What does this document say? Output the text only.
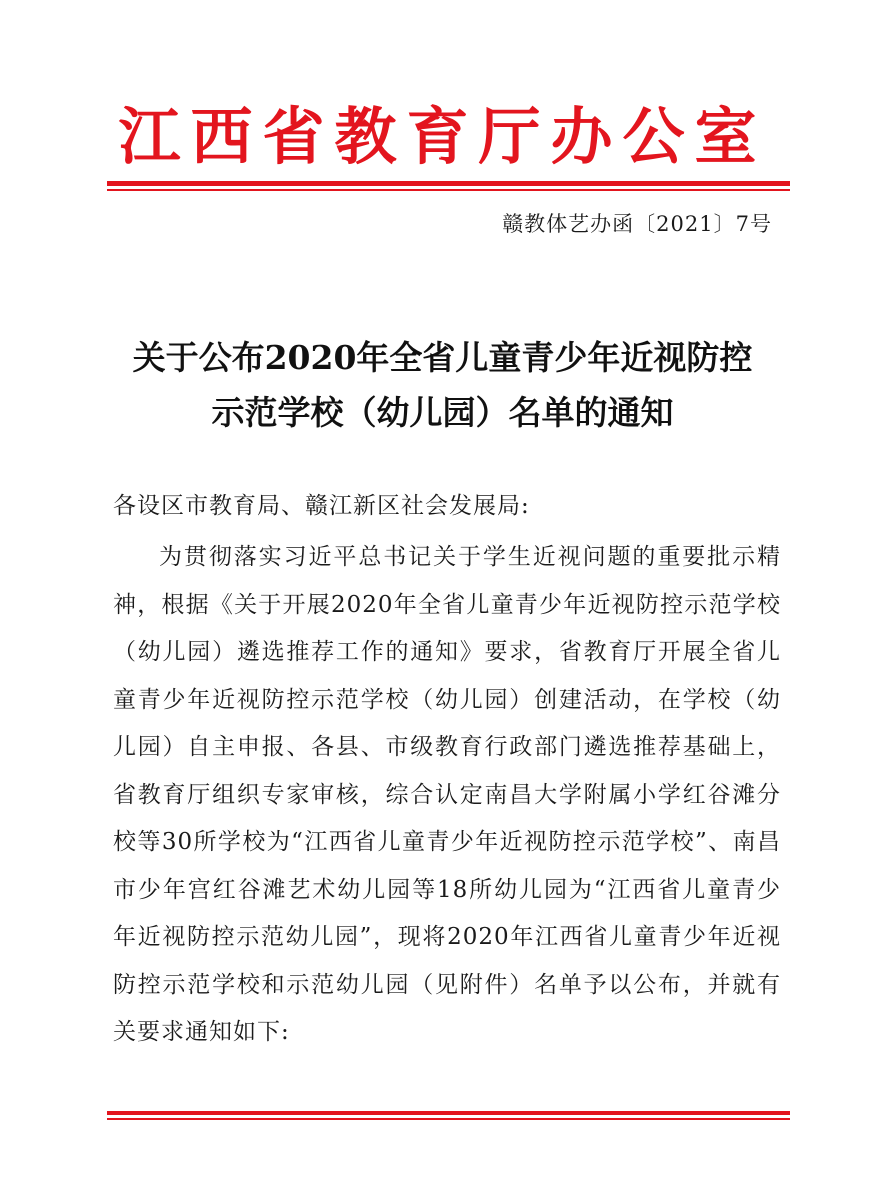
江西省教育厅办公室
赣教体艺办函〔2021〕7号
关于公布2020年全省儿童青少年近视防控
示范学校（幼儿园）名单的通知
各设区市教育局、赣江新区社会发展局:
为贯彻落实习近平总书记关于学生近视问题的重要批示精神，根据《关于开展2020年全省儿童青少年近视防控示范学校（幼儿园）遴选推荐工作的通知》要求，省教育厅开展全省儿童青少年近视防控示范学校（幼儿园）创建活动，在学校（幼儿园）自主申报、各县、市级教育行政部门遴选推荐基础上，省教育厅组织专家审核，综合认定南昌大学附属小学红谷滩分校等30所学校为“江西省儿童青少年近视防控示范学校”、南昌市少年宫红谷滩艺术幼儿园等18所幼儿园为“江西省儿童青少年近视防控示范幼儿园”，现将2020年江西省儿童青少年近视防控示范学校和示范幼儿园（见附件）名单予以公布，并就有关要求通知如下:
